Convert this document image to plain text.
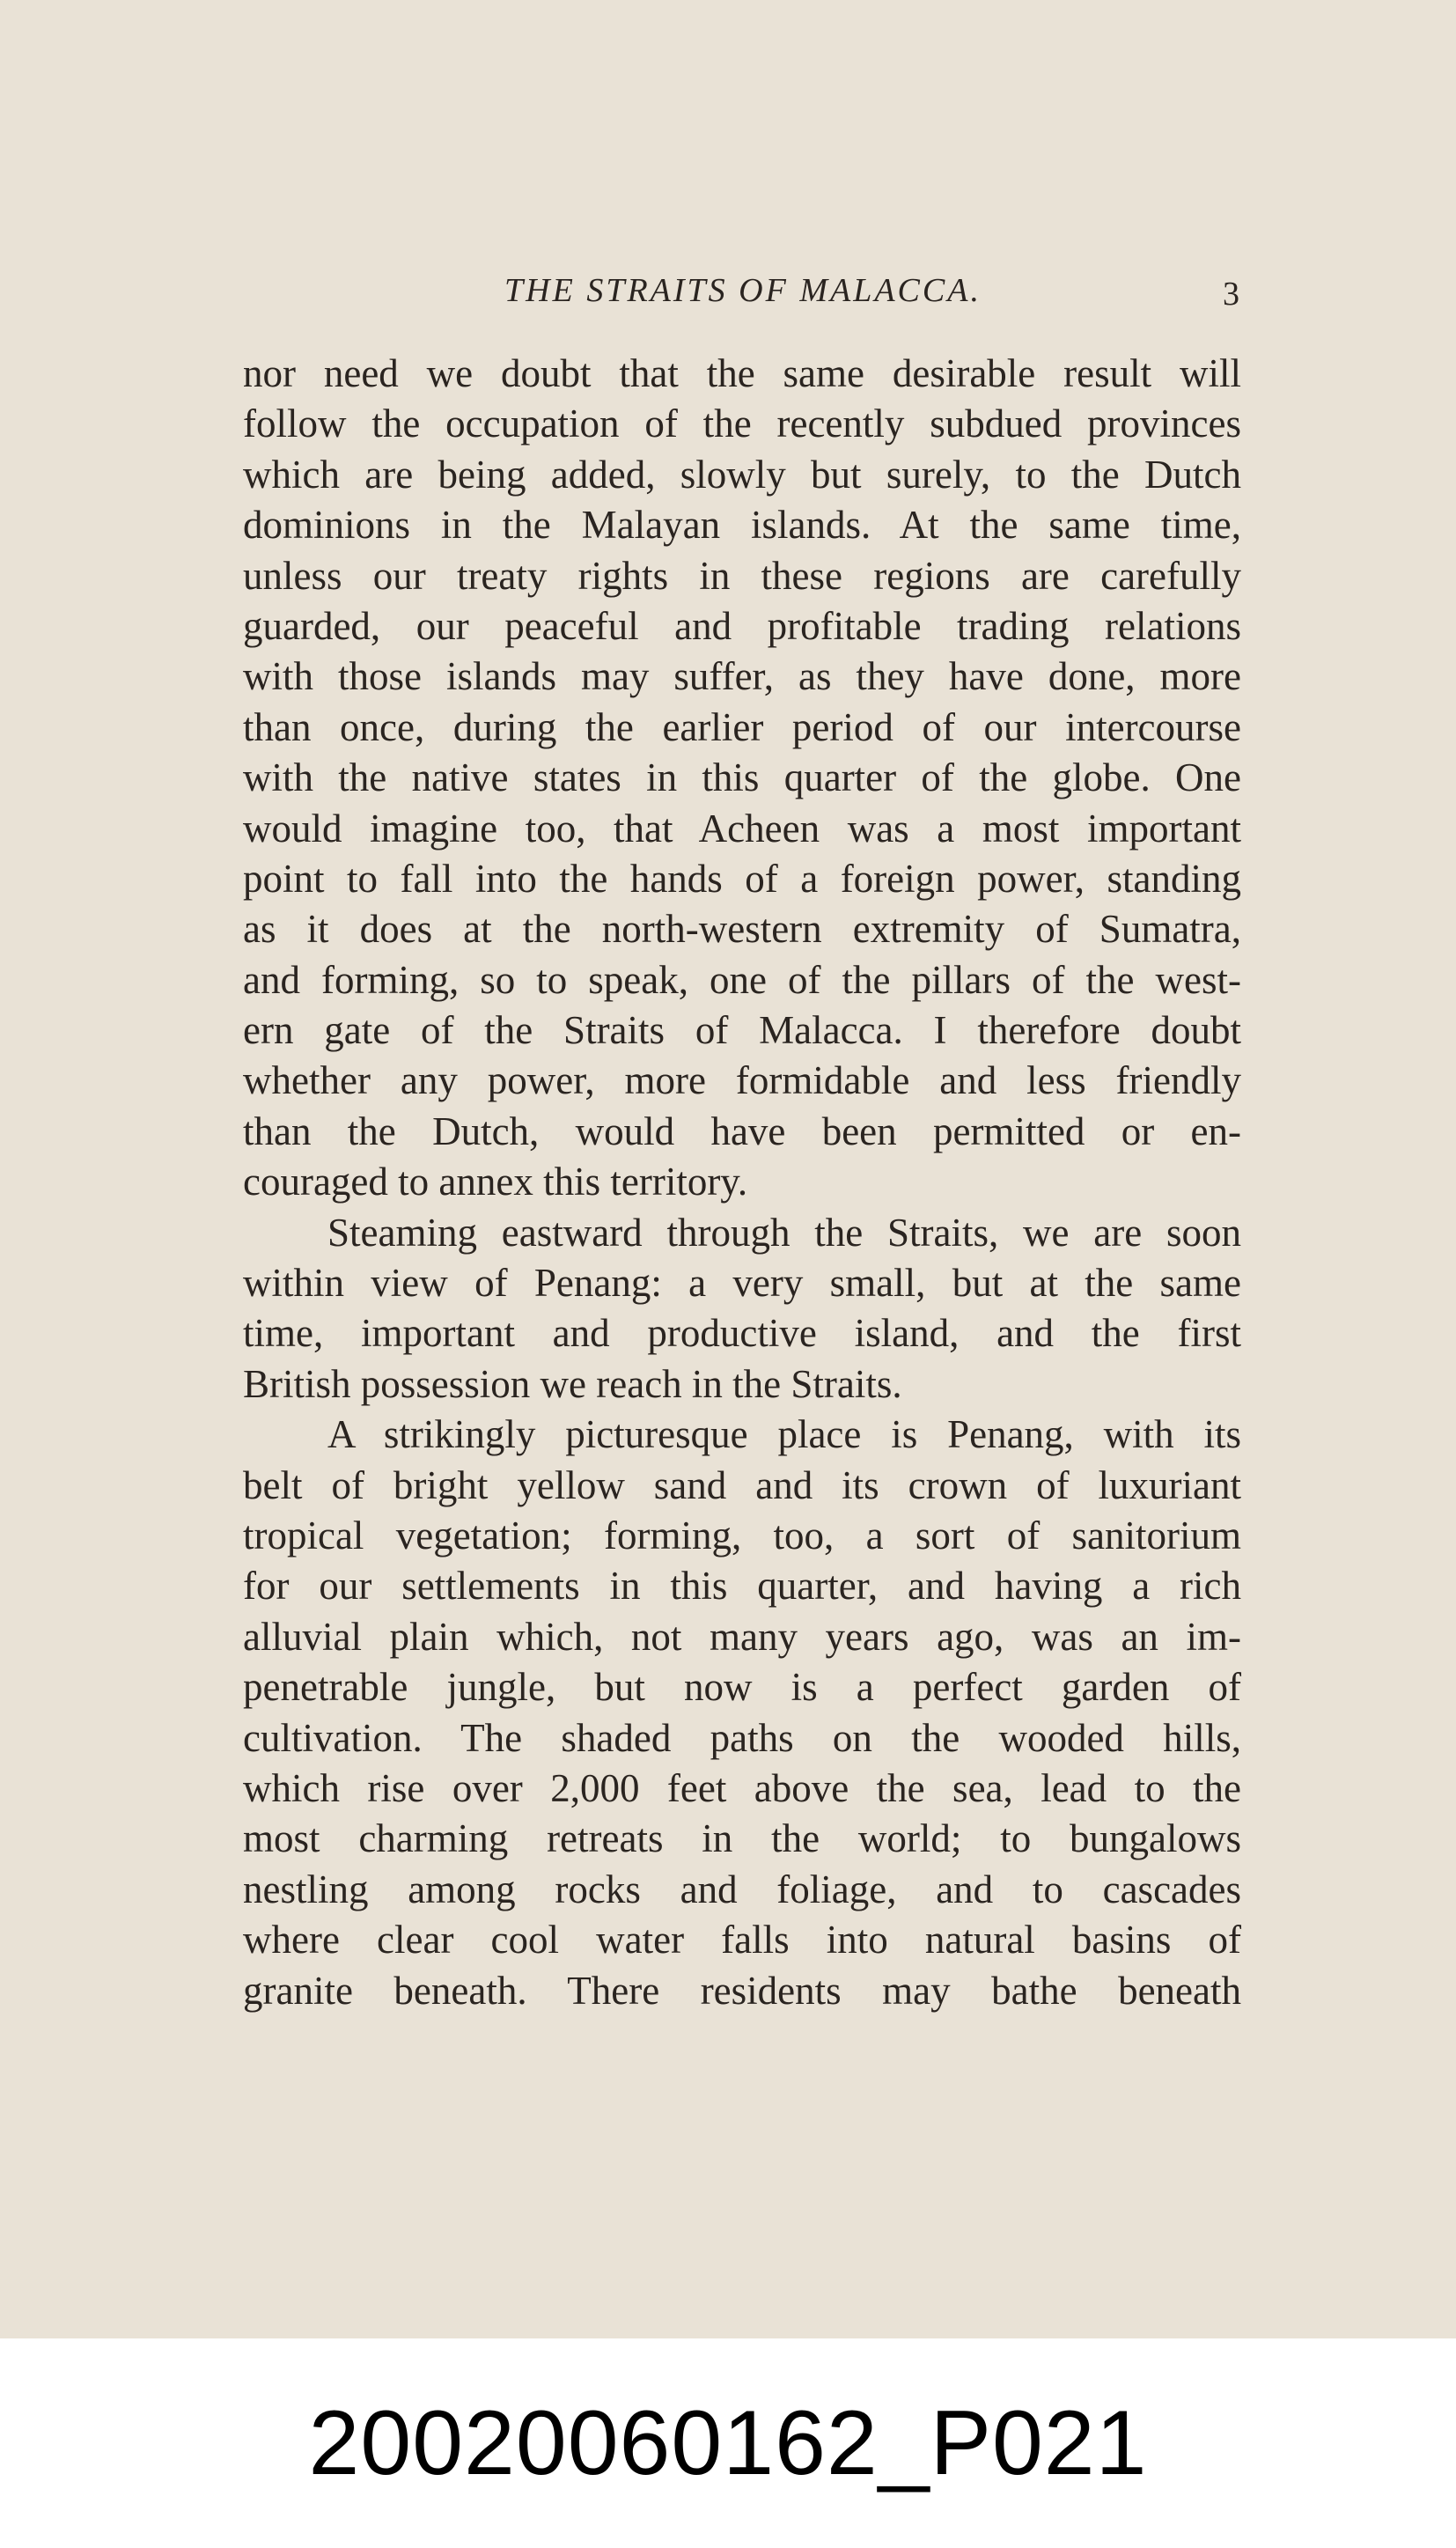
THE STRAITS OF MALACCA.	3
nor need we doubt that the same desirable result will
follow the occupation of the recently subdued provinces
which are being added, slowly but surely, to the Dutch
dominions in the Malayan islands. At the same time,
unless our treaty rights in these regions are carefully
guarded, our peaceful and profitable trading relations
with those islands may suffer, as they have done, more
than once, during the earlier period of our intercourse
with the native states in this quarter of the globe. One
would imagine too, that Acheen was a most important
point to fall into the hands of a foreign power, standing
as it does at the north-western extremity of Sumatra,
and forming, so to speak, one of the pillars of the west-
ern gate of the Straits of Malacca. I therefore doubt
whether any power, more formidable and less friendly
than the Dutch, would have been permitted or en-
couraged to annex this territory.
Steaming eastward through the Straits, we are soon
within view of Penang: a very small, but at the same
time, important and productive island, and the first
British possession we reach in the Straits.
A strikingly picturesque place is Penang, with its
belt of bright yellow sand and its crown of luxuriant
tropical vegetation; forming, too, a sort of sanitorium
for our settlements in this quarter, and having a rich
alluvial plain which, not many years ago, was an im-
penetrable jungle, but now is a perfect garden of
cultivation. The shaded paths on the wooded hills,
which rise over 2,000 feet above the sea, lead to the
most charming retreats in the world; to bungalows
nestling among rocks and foliage, and to cascades
where clear cool water falls into natural basins of
granite beneath. There residents may bathe beneath
20020060162_P021
